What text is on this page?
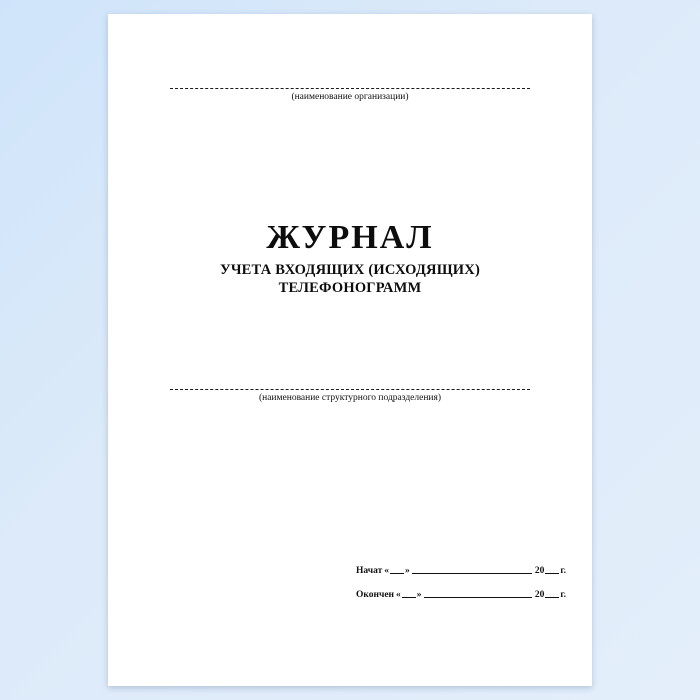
(наименование организации)
ЖУРНАЛ
УЧЕТА ВХОДЯЩИХ (ИСХОДЯЩИХ)
ТЕЛЕФОНОГРАММ
(наименование структурного подразделения)
Начат « »	20 г.
Окончен « »	20 г.
